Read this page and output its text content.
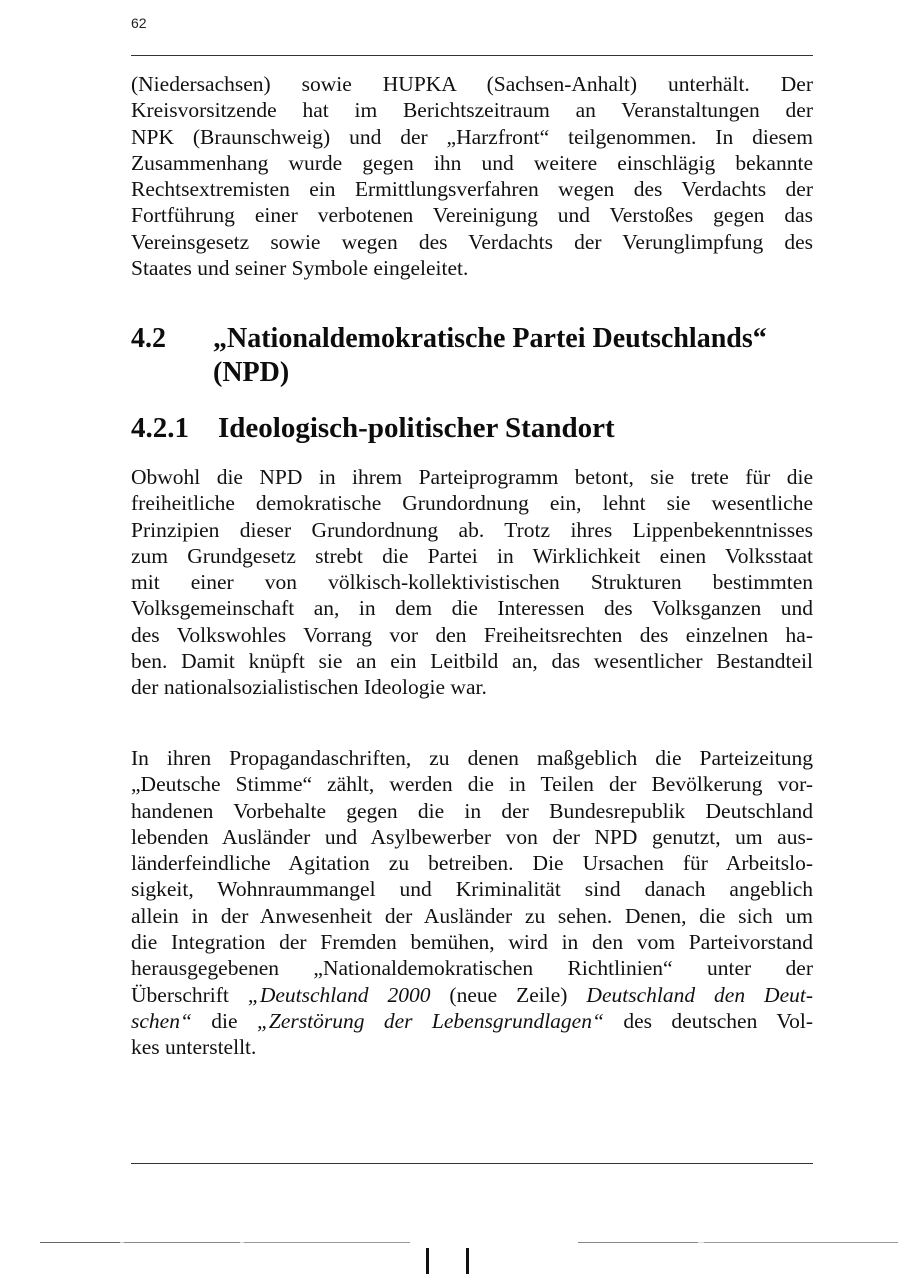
62
(Niedersachsen) sowie HUPKA (Sachsen-Anhalt) unterhält. Der
Kreisvorsitzende hat im Berichtszeitraum an Veranstaltungen der
NPK (Braunschweig) und der „Harzfront“ teilgenommen. In diesem
Zusammenhang wurde gegen ihn und weitere einschlägig bekannte
Rechtsextremisten ein Ermittlungsverfahren wegen des Verdachts der
Fortführung einer verbotenen Vereinigung und Verstoßes gegen das
Vereinsgesetz sowie wegen des Verdachts der Verunglimpfung des
Staates und seiner Symbole eingeleitet.
4.2 „Nationaldemokratische Partei Deutschlands“
(NPD)
4.2.1 Ideologisch-politischer Standort
Obwohl die NPD in ihrem Parteiprogramm betont, sie trete für die
freiheitliche demokratische Grundordnung ein, lehnt sie wesentliche
Prinzipien dieser Grundordnung ab. Trotz ihres Lippenbekenntnisses
zum Grundgesetz strebt die Partei in Wirklichkeit einen Volksstaat
mit einer von völkisch-kollektivistischen Strukturen bestimmten
Volksgemeinschaft an, in dem die Interessen des Volksganzen und
des Volkswohles Vorrang vor den Freiheitsrechten des einzelnen ha-
ben. Damit knüpft sie an ein Leitbild an, das wesentlicher Bestandteil
der nationalsozialistischen Ideologie war.
In ihren Propagandaschriften, zu denen maßgeblich die Parteizeitung
„Deutsche Stimme“ zählt, werden die in Teilen der Bevölkerung vor-
handenen Vorbehalte gegen die in der Bundesrepublik Deutschland
lebenden Ausländer und Asylbewerber von der NPD genutzt, um aus-
länderfeindliche Agitation zu betreiben. Die Ursachen für Arbeitslo-
sigkeit, Wohnraummangel und Kriminalität sind danach angeblich
allein in der Anwesenheit der Ausländer zu sehen. Denen, die sich um
die Integration der Fremden bemühen, wird in den vom Parteivorstand
herausgegebenen „Nationaldemokratischen Richtlinien“ unter der
Überschrift „Deutschland 2000 (neue Zeile) Deutschland den Deut-
schen“ die „Zerstörung der Lebensgrundlagen“ des deutschen Vol-
kes unterstellt.
